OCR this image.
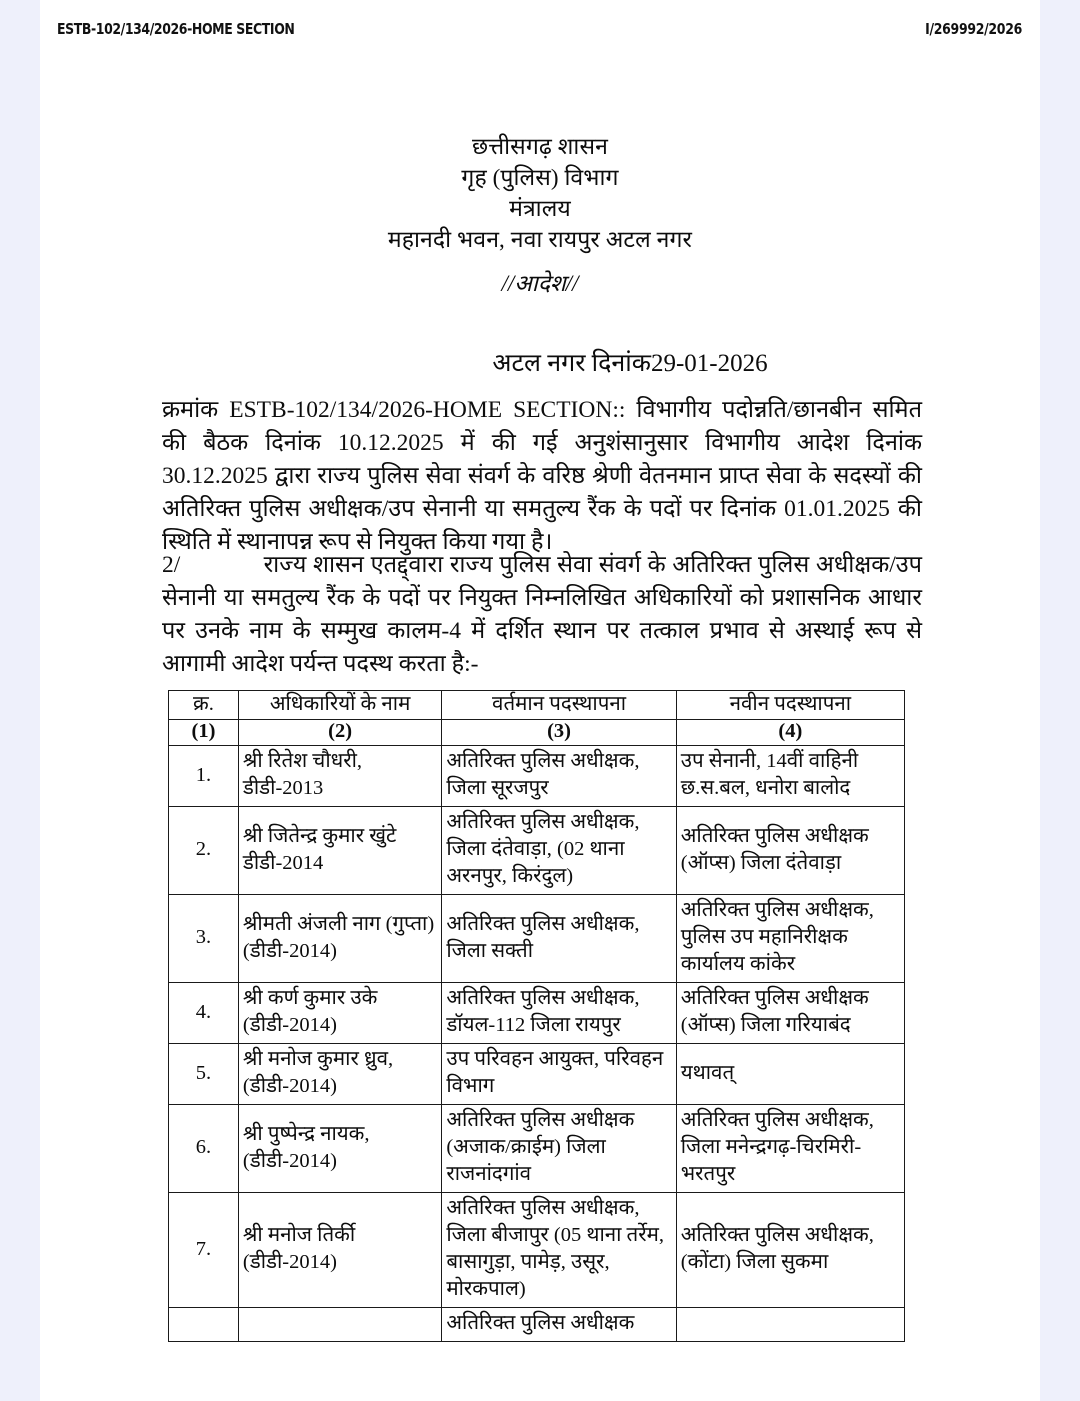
ESTB-102/134/2026-HOME SECTION	I/269992/2026
छत्तीसगढ़ शासन
गृह (पुलिस) विभाग
मंत्रालय
महानदी भवन, नवा रायपुर अटल नगर
//आदेश//
अटल नगर दिनांक29-01-2026
क्रमांक ESTB-102/134/2026-HOME SECTION:: विभागीय पदोन्नति/छानबीन समित की बैठक दिनांक 10.12.2025 में की गई अनुशंसानुसार विभागीय आदेश दिनांक 30.12.2025 द्वारा राज्य पुलिस सेवा संवर्ग के वरिष्ठ श्रेणी वेतनमान प्राप्त सेवा के सदस्यों की अतिरिक्त पुलिस अधीक्षक/उप सेनानी या समतुल्य रैंक के पदों पर दिनांक 01.01.2025 की स्थिति में स्थानापन्न रूप से नियुक्त किया गया है।
2/	राज्य शासन एतद्द्वारा राज्य पुलिस सेवा संवर्ग के अतिरिक्त पुलिस अधीक्षक/उप सेनानी या समतुल्य रैंक के पदों पर नियुक्त निम्नलिखित अधिकारियों को प्रशासनिक आधार पर उनके नाम के सम्मुख कालम-4 में दर्शित स्थान पर तत्काल प्रभाव से अस्थाई रूप से आगामी आदेश पर्यन्त पदस्थ करता है:-
क्र.	अधिकारियों के नाम	वर्तमान पदस्थापना	नवीन पदस्थापना
(1)	(2)	(3)	(4)

1.	श्री रितेश चौधरी,
डीडी-2013	अतिरिक्त पुलिस अधीक्षक, जिला सूरजपुर	उप सेनानी, 14वीं वाहिनी छ.स.बल, धनोरा बालोद

2.	श्री जितेन्द्र कुमार खुंटे
डीडी-2014	अतिरिक्त पुलिस अधीक्षक, जिला दंतेवाड़ा, (02 थाना अरनपुर, किरंदुल)	अतिरिक्त पुलिस अधीक्षक (ऑप्स) जिला दंतेवाड़ा

3.	श्रीमती अंजली नाग (गुप्ता)
(डीडी-2014)	अतिरिक्त पुलिस अधीक्षक, जिला सक्ती	अतिरिक्त पुलिस अधीक्षक, पुलिस उप महानिरीक्षक कार्यालय कांकेर

4.	श्री कर्ण कुमार उके
(डीडी-2014)	अतिरिक्त पुलिस अधीक्षक, डॉयल-112 जिला रायपुर	अतिरिक्त पुलिस अधीक्षक (ऑप्स) जिला गरियाबंद

5.	श्री मनोज कुमार ध्रुव,
(डीडी-2014)	उप परिवहन आयुक्त, परिवहन विभाग	यथावत्

6.	श्री पुष्पेन्द्र नायक,
(डीडी-2014)	अतिरिक्त पुलिस अधीक्षक (अजाक/क्राईम) जिला राजनांदगांव	अतिरिक्त पुलिस अधीक्षक, जिला मनेन्द्रगढ़-चिरमिरी-भरतपुर

7.	श्री मनोज तिर्की
(डीडी-2014)	अतिरिक्त पुलिस अधीक्षक, जिला बीजापुर (05 थाना तर्रेम, बासागुड़ा, पामेड़, उसूर, मोरकपाल)	अतिरिक्त पुलिस अधीक्षक, (कोंटा) जिला सुकमा

		अतिरिक्त पुलिस अधीक्षक	
